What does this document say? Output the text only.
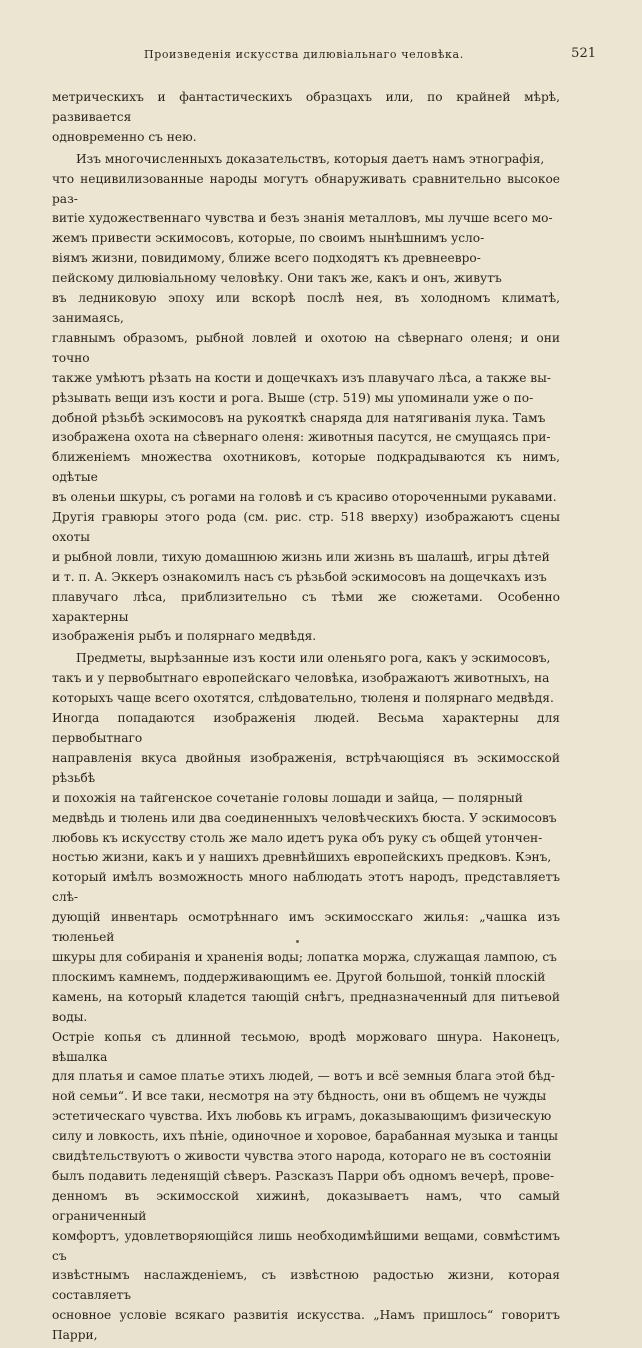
Произведенія искусства дилювіальнаго человѣка.	521

метрическихъ и фантастическихъ образцахъ или, по крайней мѣрѣ, развивается
одновременно съ нею.

Изъ многочисленныхъ доказательствъ, которыя даетъ намъ этнографія,
что нецивилизованные народы могутъ обнаруживать сравнительно высокое раз-
витіе художественнаго чувства и безъ знанія металловъ, мы лучше всего мо-
жемъ привести эскимосовъ, которые, по своимъ нынѣшнимъ усло-
віямъ жизни, повидимому, ближе всего подходятъ къ древнеевро-
пейскому дилювіальному человѣку. Они такъ же, какъ и онъ, живутъ
въ ледниковую эпоху или вскорѣ послѣ нея, въ холодномъ климатѣ, занимаясь,
главнымъ образомъ, рыбной ловлей и охотою на сѣвернаго оленя; и они точно
также умѣютъ рѣзать на кости и дощечкахъ изъ плавучаго лѣса, а также вы-
рѣзывать вещи изъ кости и рога. Выше (стр. 519) мы упоминали уже о по-
добной рѣзьбѣ эскимосовъ на рукояткѣ снаряда для натягиванія лука. Тамъ
изображена охота на сѣвернаго оленя: животныя пасутся, не смущаясь при-
ближеніемъ множества охотниковъ, которые подкрадываются къ нимъ, одѣтые
въ оленьи шкуры, съ рогами на головѣ и съ красиво отороченными рукавами.
Другія гравюры этого рода (см. рис. стр. 518 вверху) изображаютъ сцены охоты
и рыбной ловли, тихую домашнюю жизнь или жизнь въ шалашѣ, игры дѣтей
и т. п. А. Эккеръ ознакомилъ насъ съ рѣзьбой эскимосовъ на дощечкахъ изъ
плавучаго лѣса, приблизительно съ тѣми же сюжетами. Особенно характерны
изображенія рыбъ и полярнаго медвѣдя.

Предметы, вырѣзанные изъ кости или оленьяго рога, какъ у эскимосовъ,
такъ и у первобытнаго европейскаго человѣка, изображаютъ животныхъ, на
которыхъ чаще всего охотятся, слѣдовательно, тюленя и полярнаго медвѣдя.
Иногда попадаются изображенія людей. Весьма характерны для первобытнаго
направленія вкуса двойныя изображенія, встрѣчающіяся въ эскимосской рѣзьбѣ
и похожія на тайгенское сочетаніе головы лошади и зайца, — полярный
медвѣдь и тюлень или два соединенныхъ человѣческихъ бюста. У эскимосовъ
любовь къ искусству столь же мало идетъ рука объ руку съ общей утончен-
ностью жизни, какъ и у нашихъ древнѣйшихъ европейскихъ предковъ. Кэнъ,
который имѣлъ возможность много наблюдать этотъ народъ, представляетъ слѣ-
дующій инвентарь осмотрѣннаго имъ эскимосскаго жилья: „чашка изъ тюленьей
шкуры для собиранія и храненія воды; лопатка моржа, служащая лампою, съ
плоскимъ камнемъ, поддерживающимъ ее. Другой большой, тонкій плоскій
камень, на который кладется тающій снѣгъ, предназначенный для питьевой воды.
Остріе копья съ длинной тесьмою, вродѣ моржоваго шнура. Наконецъ, вѣшалка
для платья и самое платье этихъ людей, — вотъ и всё земныя блага этой бѣд-
ной семьи“. И все таки, несмотря на эту бѣдность, они въ общемъ не чужды
эстетическаго чувства. Ихъ любовь къ играмъ, доказывающимъ физическую
силу и ловкость, ихъ пѣніе, одиночное и хоровое, барабанная музыка и танцы
свидѣтельствуютъ о живости чувства этого народа, котораго не въ состояніи
былъ подавить леденящій сѣверъ. Разсказъ Парри объ одномъ вечерѣ, прове-
денномъ въ эскимосской хижинѣ, доказываетъ намъ, что самый ограниченный
комфортъ, удовлетворяющійся лишь необходимѣйшими вещами, совмѣстимъ съ
извѣстнымъ наслажденіемъ, съ извѣстною радостью жизни, которая составляетъ
основное условіе всякаго развитія искусства. „Намъ пришлось“ говоритъ Парри,
